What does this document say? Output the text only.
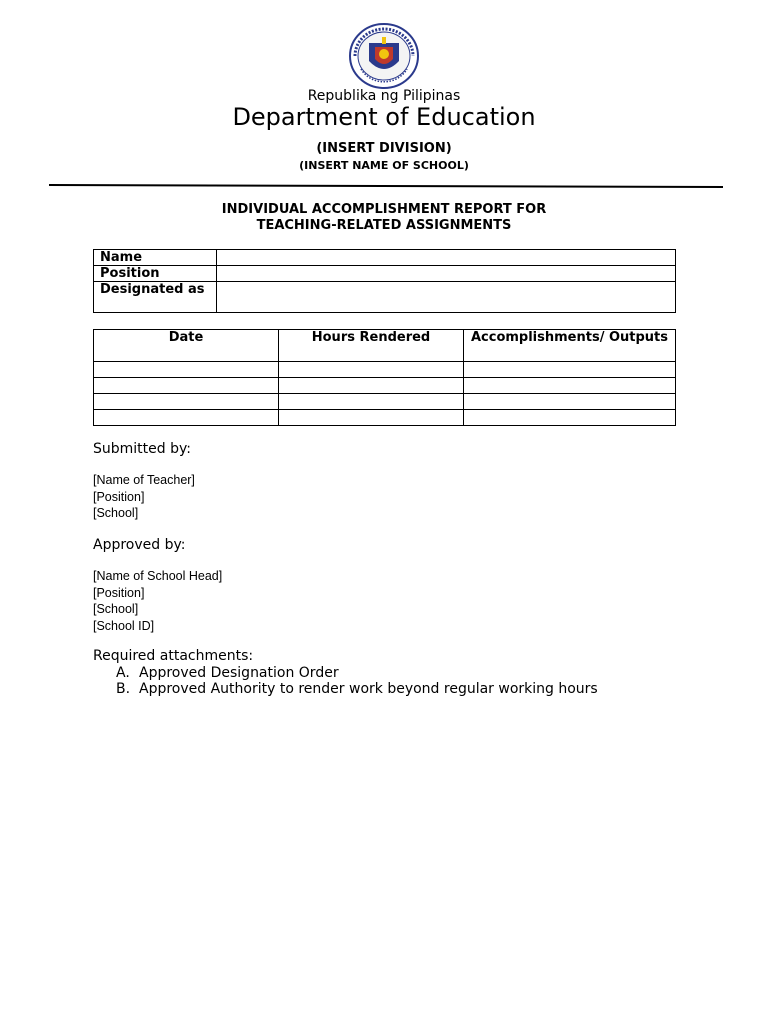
Republika ng Pilipinas
Department of Education
(INSERT DIVISION)
(INSERT NAME OF SCHOOL)
INDIVIDUAL ACCOMPLISHMENT REPORT FOR
TEACHING-RELATED ASSIGNMENTS
Name	
Position	
Designated as	
Date	Hours Rendered	Accomplishments/ Outputs

Submitted by:
[Name of Teacher]
[Position]
[School]
Approved by:
[Name of School Head]
[Position]
[School]
[School ID]
Required attachments:
A. Approved Designation Order
B. Approved Authority to render work beyond regular working hours
